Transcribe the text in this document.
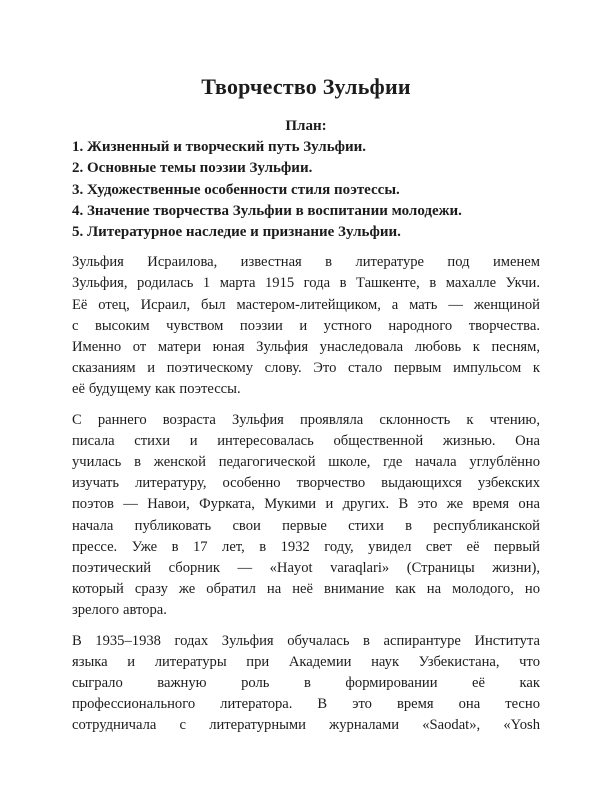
Творчество Зульфии
План:
1. Жизненный и творческий путь Зульфии.
2. Основные темы поэзии Зульфии.
3. Художественные особенности стиля поэтессы.
4. Значение творчества Зульфии в воспитании молодежи.
5. Литературное наследие и признание Зульфии.
Зульфия Исраилова, известная в литературе под именем
Зульфия, родилась 1 марта 1915 года в Ташкенте, в махалле Укчи.
Её отец, Исраил, был мастером-литейщиком, а мать — женщиной
с высоким чувством поэзии и устного народного творчества.
Именно от матери юная Зульфия унаследовала любовь к песням,
сказаниям и поэтическому слову. Это стало первым импульсом к
её будущему как поэтессы.
С раннего возраста Зульфия проявляла склонность к чтению,
писала стихи и интересовалась общественной жизнью. Она
училась в женской педагогической школе, где начала углублённо
изучать литературу, особенно творчество выдающихся узбекских
поэтов — Навои, Фурката, Мукими и других. В это же время она
начала публиковать свои первые стихи в республиканской
прессе. Уже в 17 лет, в 1932 году, увидел свет её первый
поэтический сборник — «Hayot varaqlari» (Страницы жизни),
который сразу же обратил на неё внимание как на молодого, но
зрелого автора.
В 1935–1938 годах Зульфия обучалась в аспирантуре Института
языка и литературы при Академии наук Узбекистана, что
сыграло важную роль в формировании её как
профессионального литератора. В это время она тесно
сотрудничала с литературными журналами «Saodat», «Yosh
